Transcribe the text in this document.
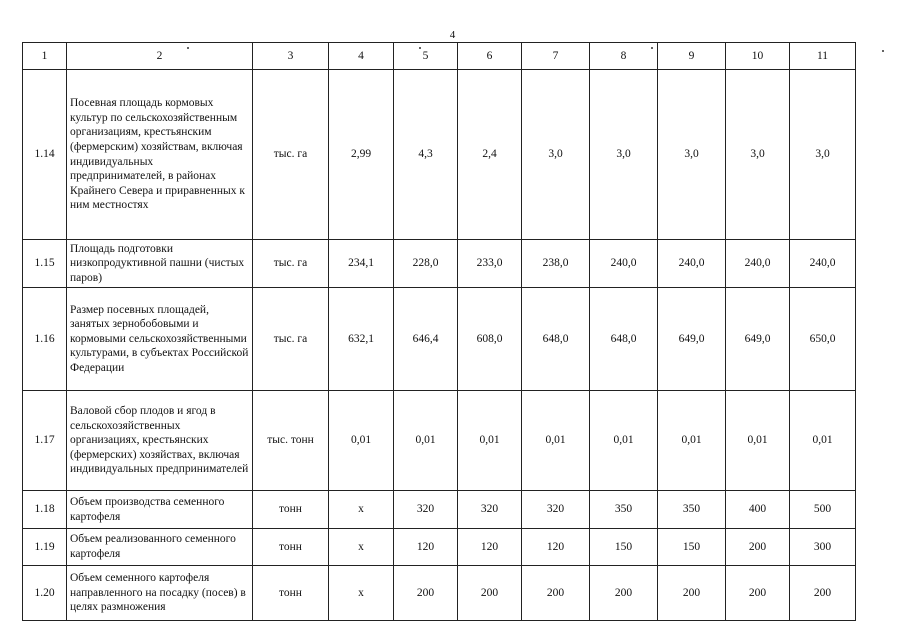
4
1	2	3	4	5	6	7	8	9	10	11
1.14	Посевная площадь кормовых культур по сельскохозяйственным организациям, крестьянским (фермерским) хозяйствам, включая индивидуальных предпринимателей, в районах Крайнего Севера и приравненных к ним местностях	тыс. га	2,99	4,3	2,4	3,0	3,0	3,0	3,0	3,0
1.15	Площадь подготовки низкопродуктивной пашни (чистых паров)	тыс. га	234,1	228,0	233,0	238,0	240,0	240,0	240,0	240,0
1.16	Размер посевных площадей, занятых зернобобовыми и кормовыми сельскохозяйственными культурами, в субъектах Российской Федерации	тыс. га	632,1	646,4	608,0	648,0	648,0	649,0	649,0	650,0
1.17	Валовой сбор плодов и ягод в сельскохозяйственных организациях, крестьянских (фермерских) хозяйствах, включая индивидуальных предпринимателей	тыс. тонн	0,01	0,01	0,01	0,01	0,01	0,01	0,01	0,01
1.18	Объем производства семенного картофеля	тонн	х	320	320	320	350	350	400	500
1.19	Объем реализованного семенного картофеля	тонн	х	120	120	120	150	150	200	300
1.20	Объем семенного картофеля направленного на посадку (посев) в целях размножения	тонн	х	200	200	200	200	200	200	200
